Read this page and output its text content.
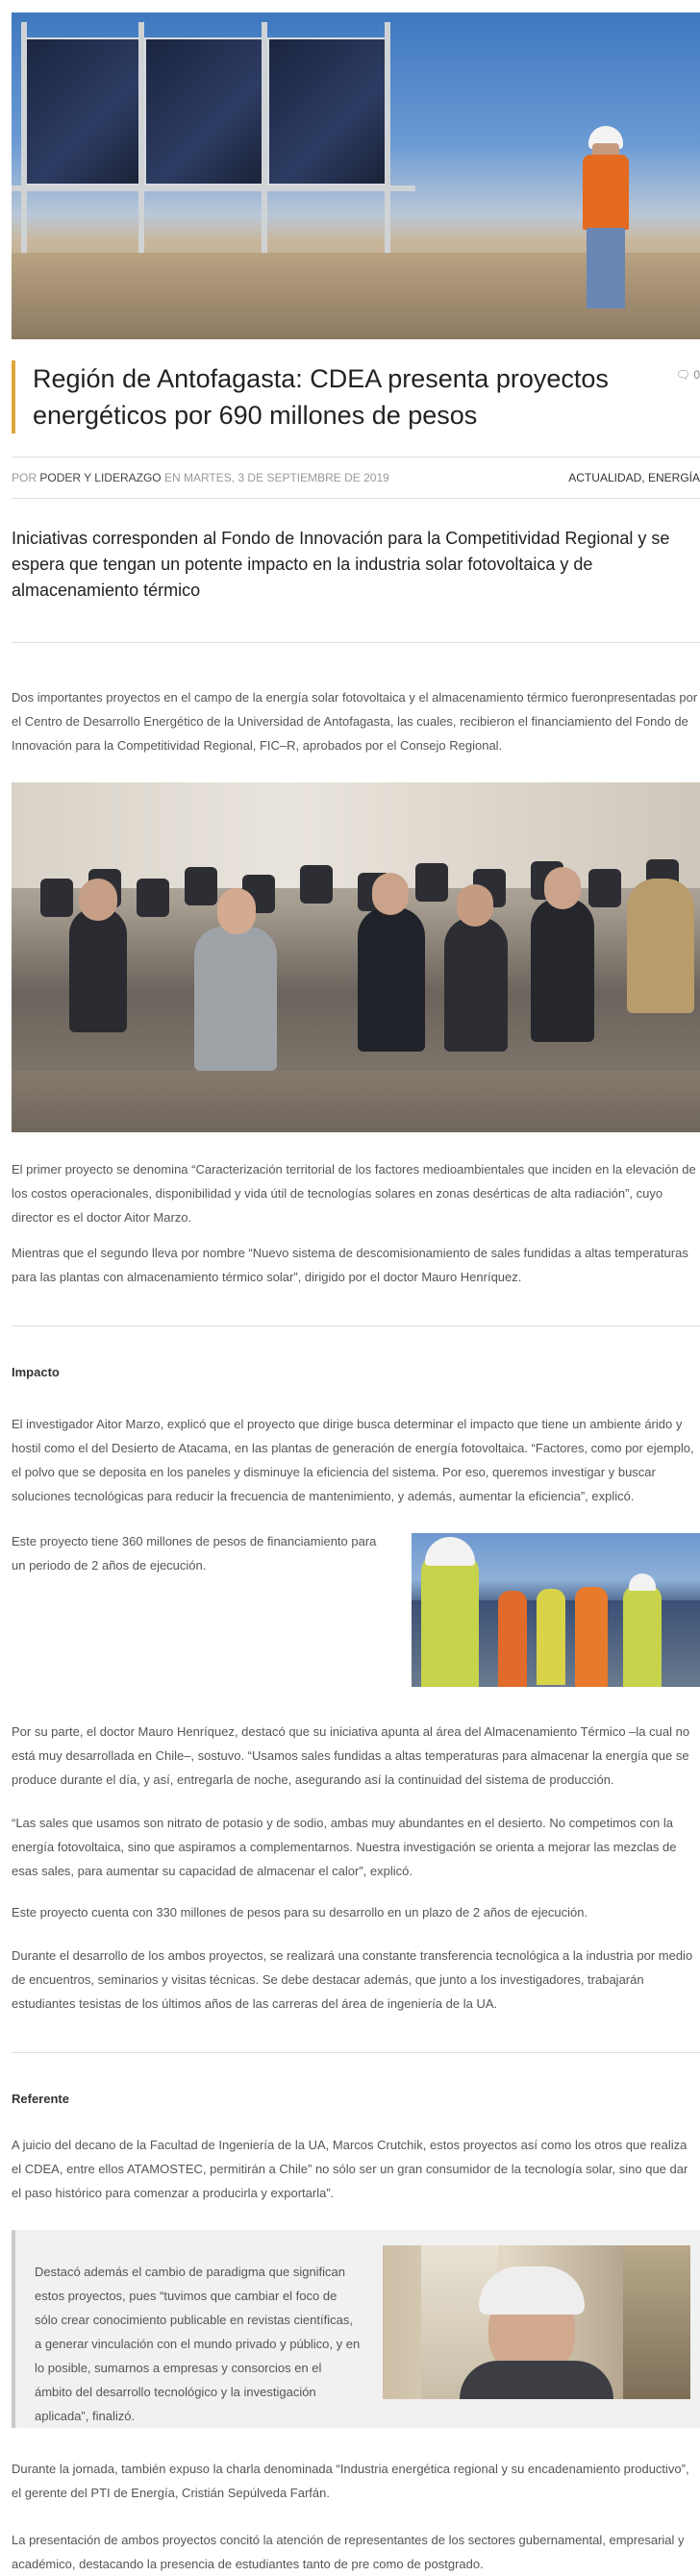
Región de Antofagasta: CDEA presenta proyectos energéticos por 690 millones de pesos
🗨 0
POR PODER Y LIDERAZGO EN MARTES, 3 DE SEPTIEMBRE DE 2019	ACTUALIDAD, ENERGÍA

Iniciativas corresponden al Fondo de Innovación para la Competitividad Regional y se espera que tengan un potente impacto en la industria solar fotovoltaica y de almacenamiento térmico

Dos importantes proyectos en el campo de la energía solar fotovoltaica y el almacenamiento térmico fueronpresentadas por el Centro de Desarrollo Energético de la Universidad de Antofagasta, las cuales, recibieron el financiamiento del Fondo de Innovación para la Competitividad Regional, FIC–R, aprobados por el Consejo Regional.

El primer proyecto se denomina “Caracterización territorial de los factores medioambientales que inciden en la elevación de los costos operacionales, disponibilidad y vida útil de tecnologías solares en zonas desérticas de alta radiación”, cuyo director es el doctor Aitor Marzo.

Mientras que el segundo lleva por nombre “Nuevo sistema de descomisionamiento de sales fundidas a altas temperaturas para las plantas con almacenamiento térmico solar”, dirigido por el doctor Mauro Henríquez.

Impacto

El investigador Aitor Marzo, explicó que el proyecto que dirige busca determinar el impacto que tiene un ambiente árido y hostil como el del Desierto de Atacama, en las plantas de generación de energía fotovoltaica. “Factores, como por ejemplo, el polvo que se deposita en los paneles y disminuye la eficiencia del sistema. Por eso, queremos investigar y buscar soluciones tecnológicas para reducir la frecuencia de mantenimiento, y además, aumentar la eficiencia”, explicó.

Este proyecto tiene 360 millones de pesos de financiamiento para un periodo de 2 años de ejecución.

Por su parte, el doctor Mauro Henríquez, destacó que su iniciativa apunta al área del Almacenamiento Térmico –la cual no está muy desarrollada en Chile–, sostuvo. “Usamos sales fundidas a altas temperaturas para almacenar la energía que se produce durante el día, y así, entregarla de noche, asegurando así la continuidad del sistema de producción.

“Las sales que usamos son nitrato de potasio y de sodio, ambas muy abundantes en el desierto. No competimos con la energía fotovoltaica, sino que aspiramos a complementarnos. Nuestra investigación se orienta a mejorar las mezclas de esas sales, para aumentar su capacidad de almacenar el calor”, explicó.

Este proyecto cuenta con 330 millones de pesos para su desarrollo en un plazo de 2 años de ejecución.

Durante el desarrollo de los ambos proyectos, se realizará una constante transferencia tecnológica a la industria por medio de encuentros, seminarios y visitas técnicas. Se debe destacar además, que junto a los investigadores, trabajarán estudiantes tesistas de los últimos años de las carreras del área de ingeniería de la UA.

Referente

A juicio del decano de la Facultad de Ingeniería de la UA, Marcos Crutchik, estos proyectos así como los otros que realiza el CDEA, entre ellos ATAMOSTEC, permitirán a Chile” no sólo ser un gran consumidor de la tecnología solar, sino que dar el paso histórico para comenzar a producirla y exportarla”.

Destacó además el cambio de paradigma que significan estos proyectos, pues “tuvimos que cambiar el foco de sólo crear conocimiento publicable en revistas científicas, a generar vinculación con el mundo privado y público, y en lo posible, sumarnos a empresas y consorcios en el ámbito del desarrollo tecnológico y la investigación aplicada”, finalizó.

Durante la jornada, también expuso la charla denominada “Industria energética regional y su encadenamiento productivo”, el gerente del PTI de Energía, Cristián Sepúlveda Farfán.

La presentación de ambos proyectos concitó la atención de representantes de los sectores gubernamental, empresarial y académico, destacando la presencia de estudiantes tanto de pre como de postgrado.
